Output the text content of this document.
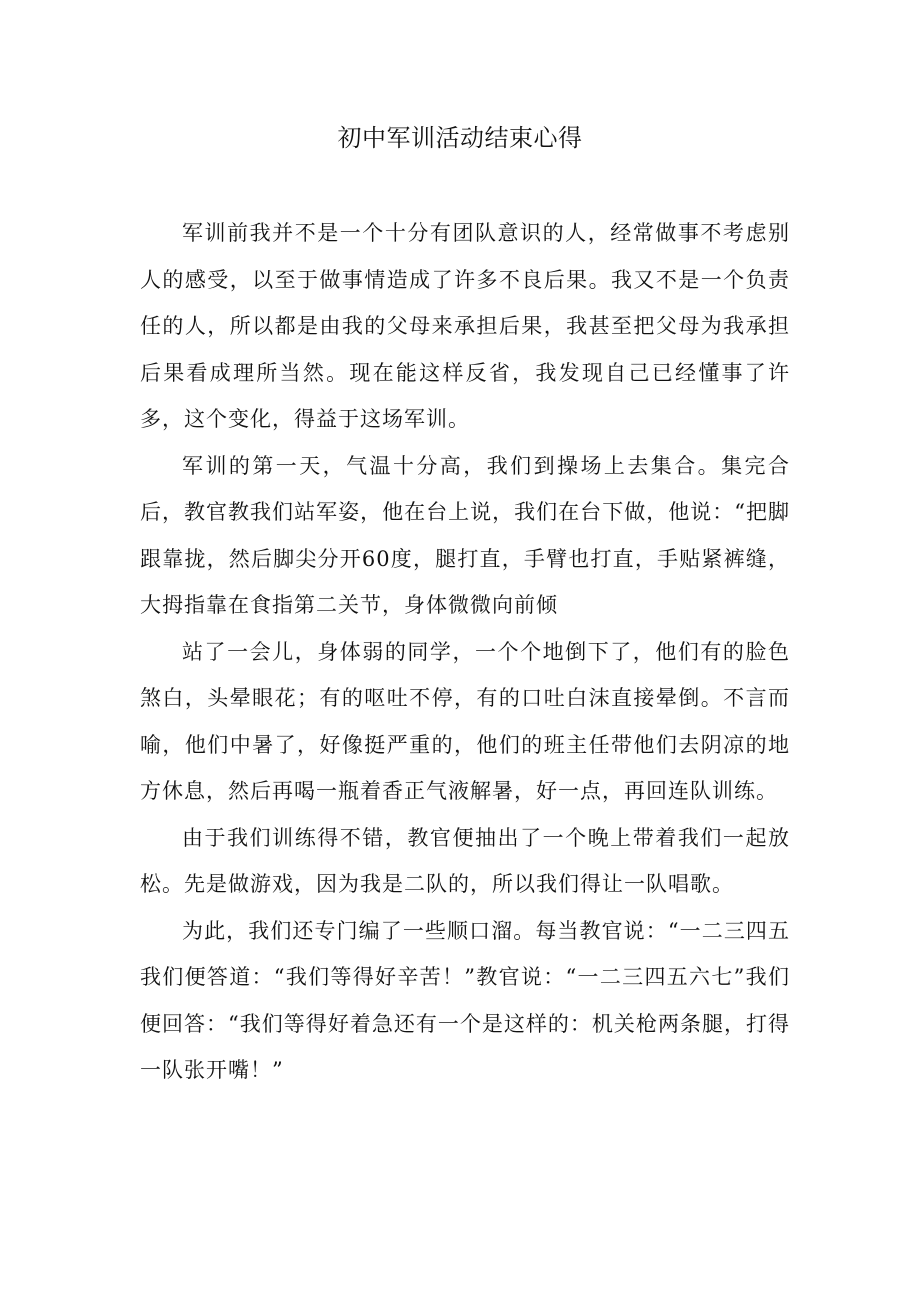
初中军训活动结束心得

军训前我并不是一个十分有团队意识的人，经常做事不考虑别人的感受，以至于做事情造成了许多不良后果。我又不是一个负责任的人，所以都是由我的父母来承担后果，我甚至把父母为我承担后果看成理所当然。现在能这样反省，我发现自己已经懂事了许多，这个变化，得益于这场军训。

军训的第一天，气温十分高，我们到操场上去集合。集完合后，教官教我们站军姿，他在台上说，我们在台下做，他说：“把脚跟靠拢，然后脚尖分开60度，腿打直，手臂也打直，手贴紧裤缝，大拇指靠在食指第二关节，身体微微向前倾

站了一会儿，身体弱的同学，一个个地倒下了，他们有的脸色煞白，头晕眼花；有的呕吐不停，有的口吐白沫直接晕倒。不言而喻，他们中暑了，好像挺严重的，他们的班主任带他们去阴凉的地方休息，然后再喝一瓶着香正气液解暑，好一点，再回连队训练。

由于我们训练得不错，教官便抽出了一个晚上带着我们一起放松。先是做游戏，因为我是二队的，所以我们得让一队唱歌。

为此，我们还专门编了一些顺口溜。每当教官说：“一二三四五我们便答道：“我们等得好辛苦！”教官说：“一二三四五六七”我们便回答：“我们等得好着急还有一个是这样的：机关枪两条腿，打得一队张开嘴！”
